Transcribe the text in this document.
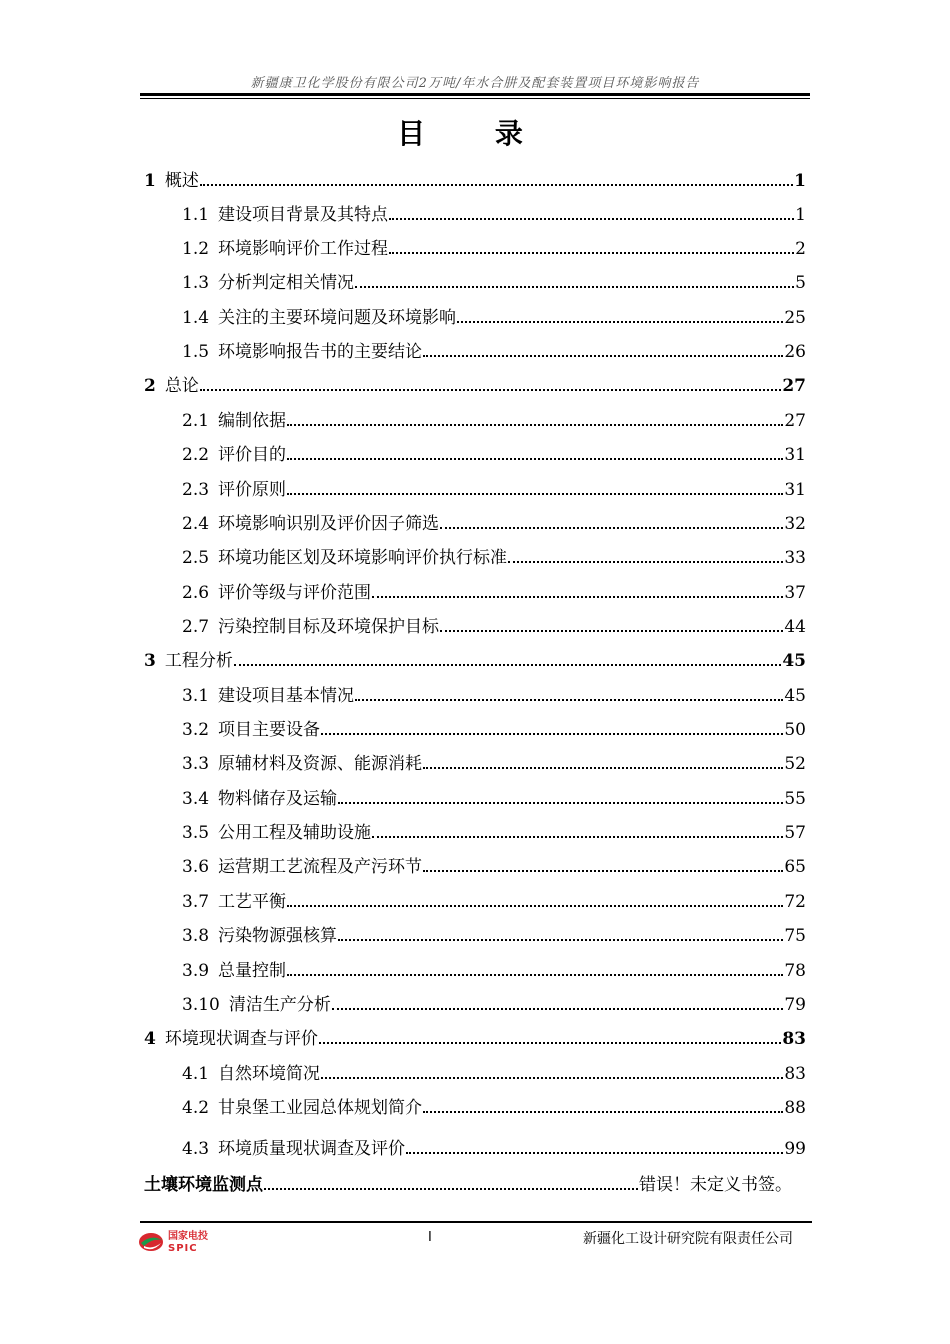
新疆康卫化学股份有限公司2万吨/年水合肼及配套装置项目环境影响报告
目 录
1 概述	1
1.1 建设项目背景及其特点	1
1.2 环境影响评价工作过程	2
1.3 分析判定相关情况	5
1.4 关注的主要环境问题及环境影响	25
1.5 环境影响报告书的主要结论	26
2 总论	27
2.1 编制依据	27
2.2 评价目的	31
2.3 评价原则	31
2.4 环境影响识别及评价因子筛选	32
2.5 环境功能区划及环境影响评价执行标准	33
2.6 评价等级与评价范围	37
2.7 污染控制目标及环境保护目标	44
3 工程分析	45
3.1 建设项目基本情况	45
3.2 项目主要设备	50
3.3 原辅材料及资源、能源消耗	52
3.4 物料储存及运输	55
3.5 公用工程及辅助设施	57
3.6 运营期工艺流程及产污环节	65
3.7 工艺平衡	72
3.8 污染物源强核算	75
3.9 总量控制	78
3.10 清洁生产分析	79
4 环境现状调查与评价	83
4.1 自然环境简况	83
4.2 甘泉堡工业园总体规划简介	88
4.3 环境质量现状调查及评价	99
土壤环境监测点	错误！未定义书签。
国家电投
SPIC
I	新疆化工设计研究院有限责任公司
